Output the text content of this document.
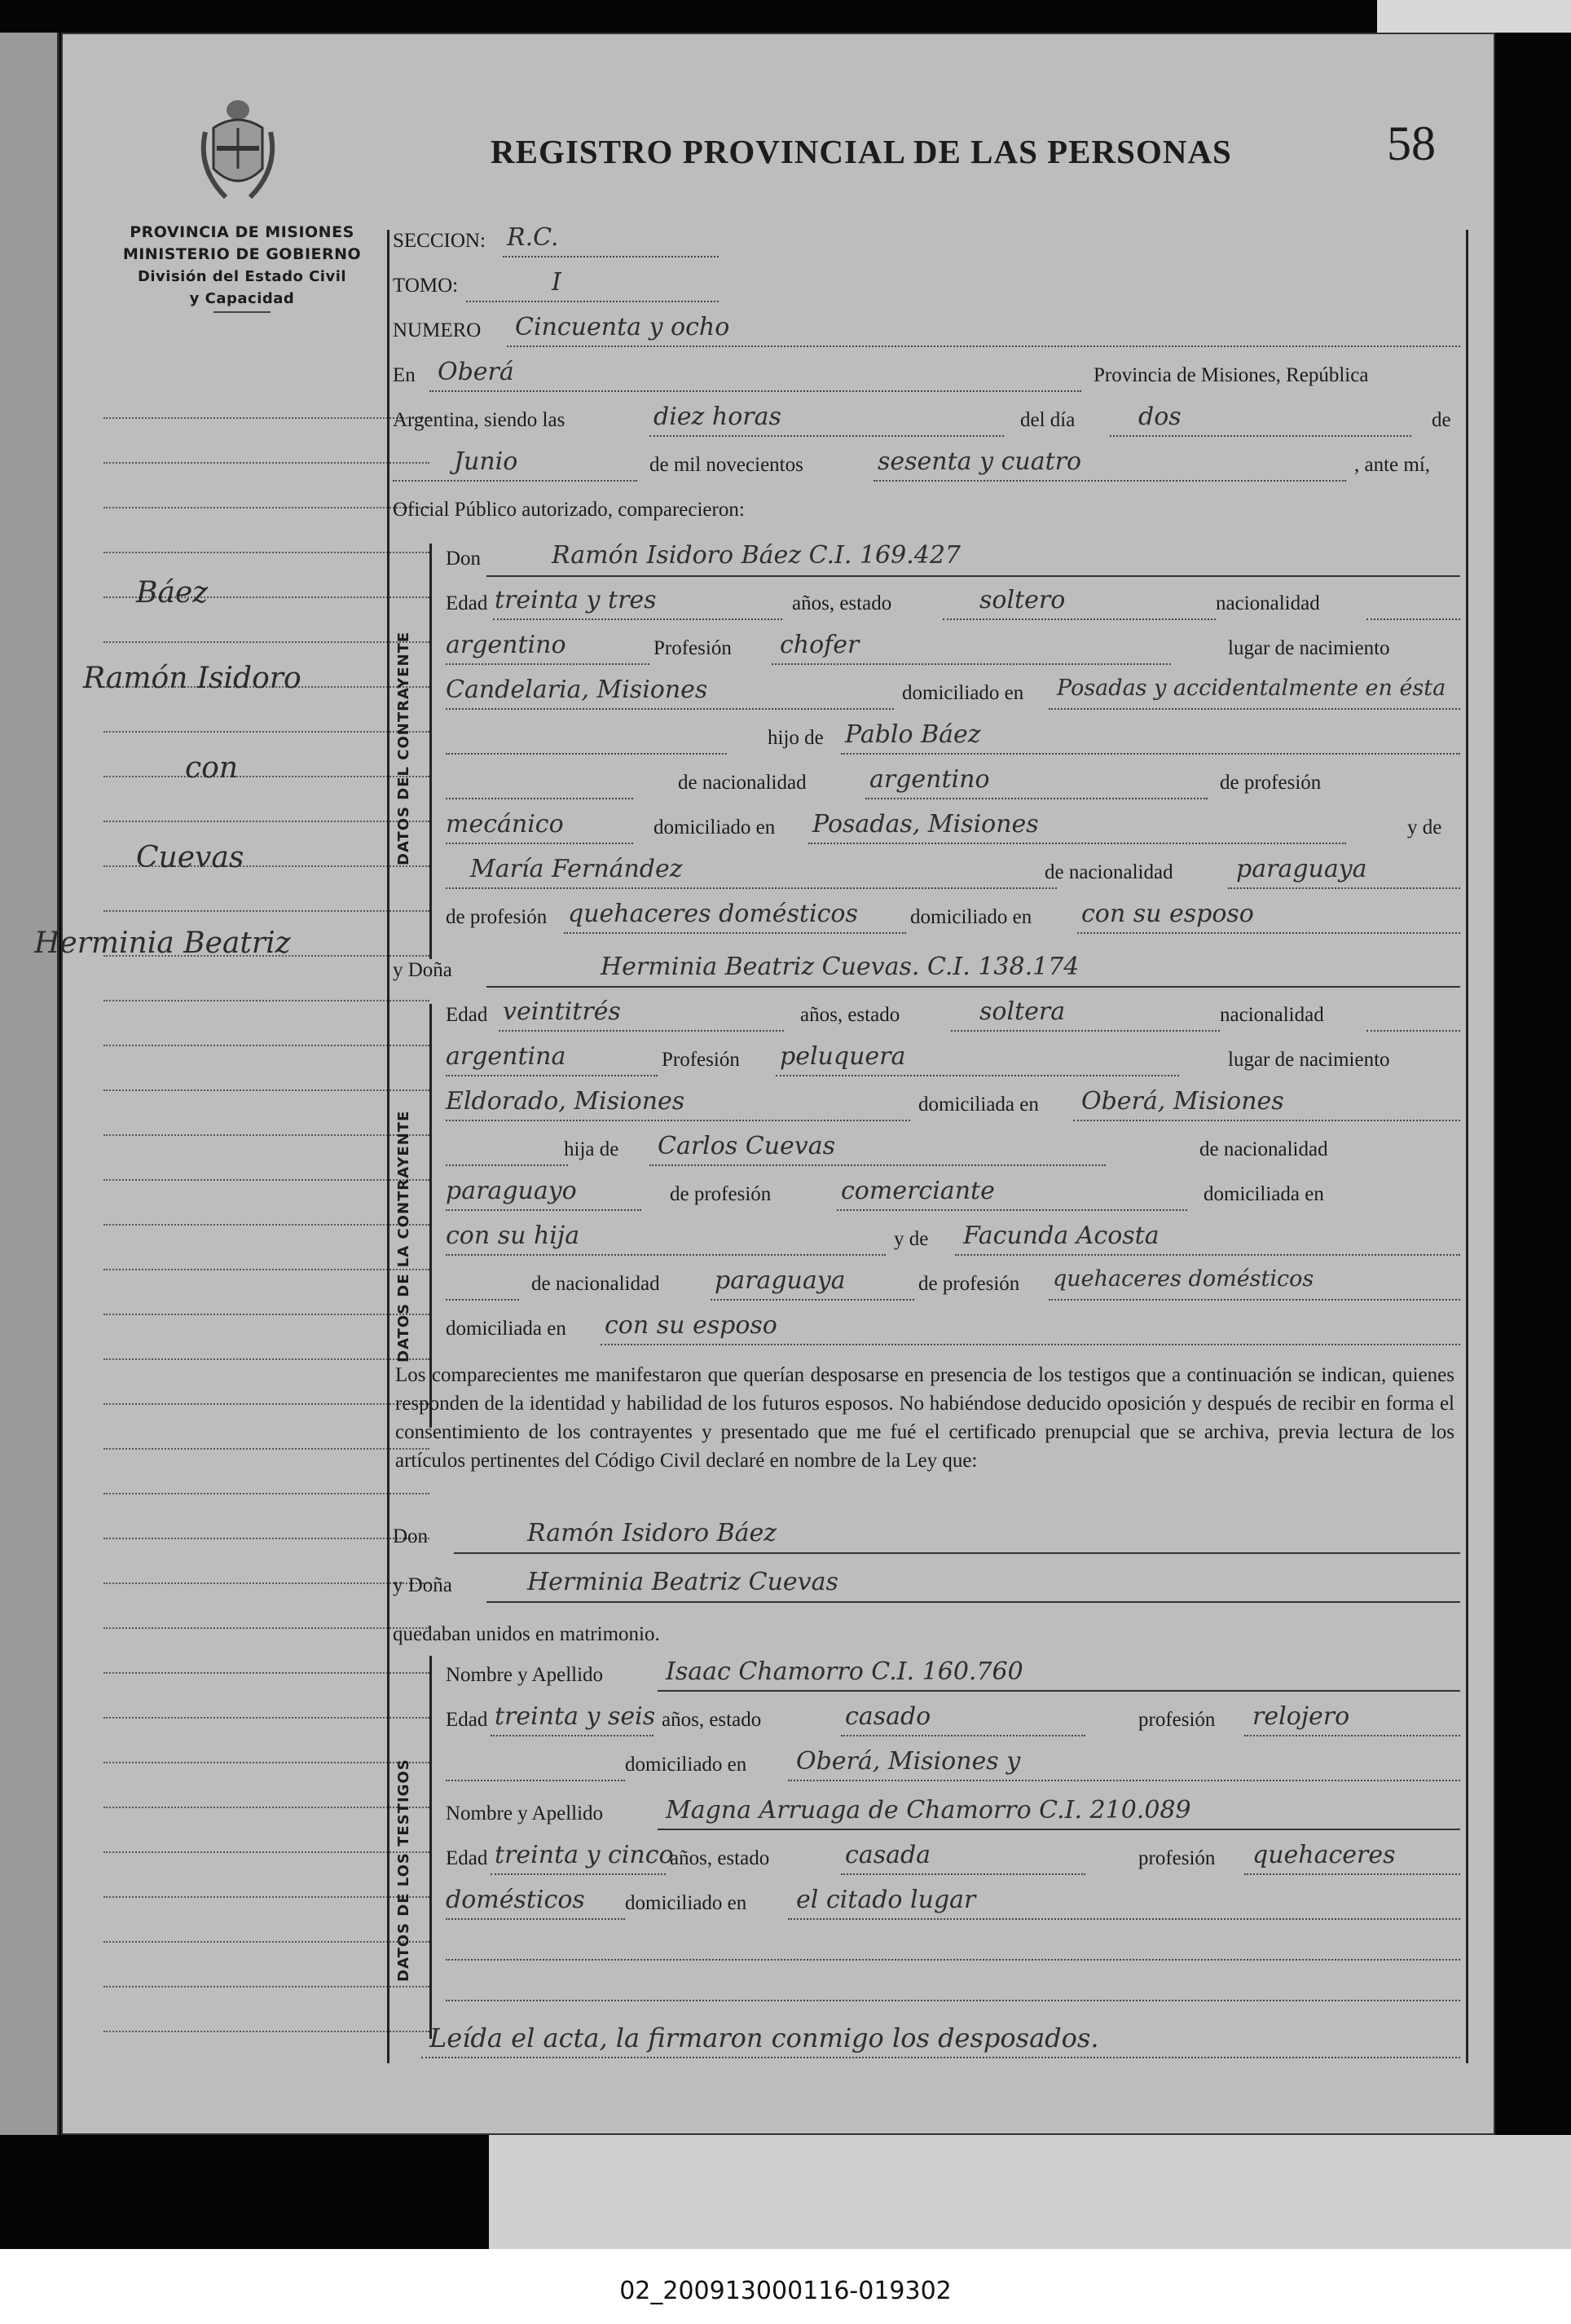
PROVINCIA DE MISIONES
MINISTERIO DE GOBIERNO
División del Estado Civil
y Capacidad
REGISTRO PROVINCIAL DE LAS PERSONAS	58
Báez
Ramón Isidoro
con
Cuevas
Herminia Beatriz
SECCION: R.C.
TOMO:	I
NUMERO Cincuenta y ocho
En Oberá	Provincia de Misiones, República
Argentina, siendo las	diez horas	del día	dos	de
Junio	de mil novecientos	sesenta y cuatro	, ante mí,
Oficial Público autorizado, comparecieron:
DATOS DEL CONTRAYENTE
Don	Ramón Isidoro Báez C.I. 169.427
Edad treinta y tres	años, estado	soltero	nacionalidad
argentino	Profesión chofer	lugar de nacimiento
Candelaria, Misiones	domiciliado en Posadas y accidentalmente en ésta
hijo de Pablo Báez
de nacionalidad	argentino	de profesión
mecánico	domiciliado en Posadas, Misiones	y de
María Fernández	de nacionalidad	paraguaya
de profesión quehaceres domésticos	domiciliado en con su esposo
y Doña	Herminia Beatriz Cuevas. C.I. 138.174
DATOS DE LA CONTRAYENTE
Edad veintitrés	años, estado	soltera	nacionalidad
argentina	Profesión peluquera	lugar de nacimiento
Eldorado, Misiones	domiciliada en Oberá, Misiones
hija de Carlos Cuevas	de nacionalidad
paraguayo	de profesión	comerciante	domiciliada en
con su hija	y de Facunda Acosta
de nacionalidad paraguaya	de profesión quehaceres domésticos
domiciliada en con su esposo
Los comparecientes me manifestaron que querían desposarse en presencia de los testigos que a continuación se indican, quienes responden de la identidad y habilidad de los futuros esposos. No habiéndose deducido oposición y después de recibir en forma el consentimiento de los contrayentes y presentado que me fué el certificado prenupcial que se archiva, previa lectura de los artículos pertinentes del Código Civil declaré en nombre de la Ley que:
Don	Ramón Isidoro Báez
y Doña	Herminia Beatriz Cuevas
quedaban unidos en matrimonio.
DATOS DE LOS TESTIGOS
Nombre y Apellido	Isaac Chamorro C.I. 160.760
Edad treinta y seis años, estado	casado	profesión relojero
domiciliado en Oberá, Misiones y
Nombre y Apellido	Magna Arruaga de Chamorro C.I. 210.089
Edad treinta y cinco
años, estado	casada	profesión quehaceres
domésticos domiciliado en el citado lugar
Leída el acta, la firmaron conmigo los desposados.
02_200913000116-019302
